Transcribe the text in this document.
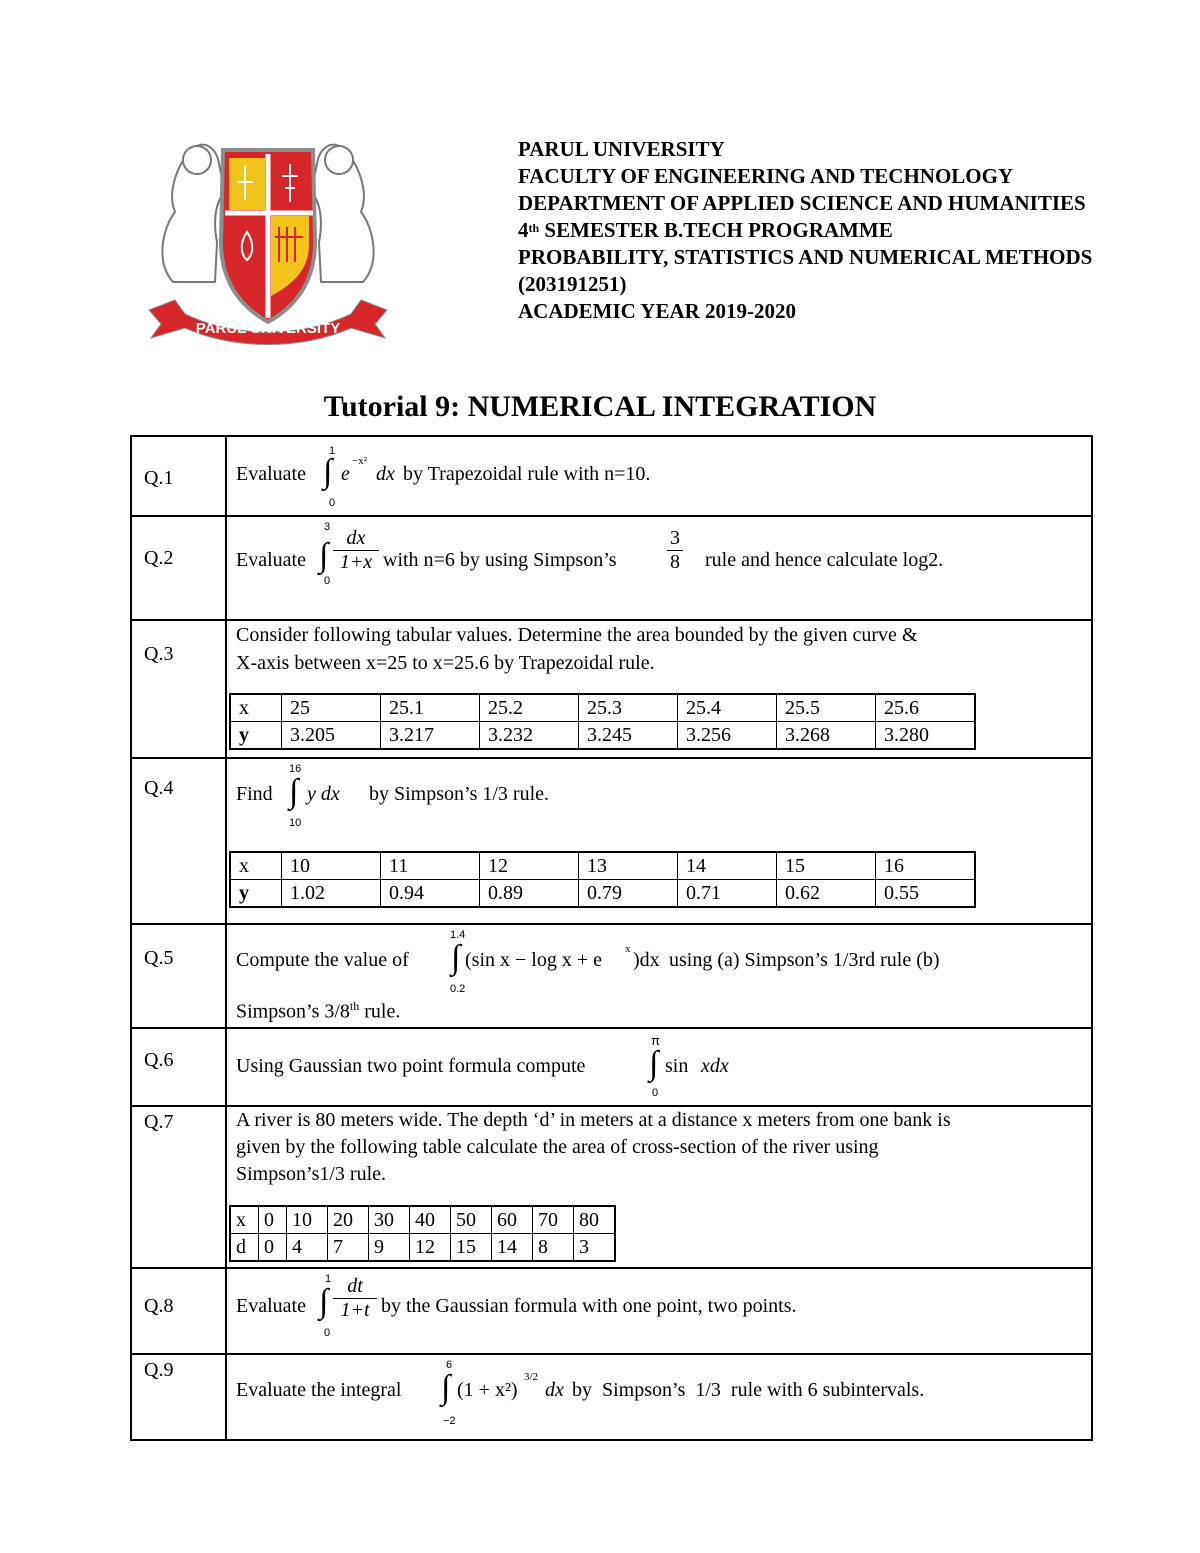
PARUL UNIVERSITY
PARUL UNIVERSITY
FACULTY OF ENGINEERING AND TECHNOLOGY
DEPARTMENT OF APPLIED SCIENCE AND HUMANITIES
4th SEMESTER B.TECH PROGRAMME
PROBABILITY, STATISTICS AND NUMERICAL METHODS
(203191251)
ACADEMIC YEAR 2019-2020
Tutorial 9: NUMERICAL INTEGRATION
Q.1	Evaluate
1
∫
0
e
−x²
dx by Trapezoidal rule with n=10.

Q.2	Evaluate
3
∫
0
$\frac{dx}{1+x}$ with n=6 by using Simpson’s	$\frac{3}{8}$ rule and hence calculate log2.

Q.3

Consider following tabular values. Determine the area bounded by the given curve &
X-axis between x=25 to x=25.6 by Trapezoidal rule.
x	25	25.1	25.2	25.3	25.4	25.5	25.6
y	3.205	3.217	3.232	3.245	3.256	3.268	3.280

Q.4	Find
16
∫
10
y dx by Simpson’s 1/3 rule.
x	10	11	12	13	14	15	16
y	1.02	0.94	0.89	0.79	0.71	0.62	0.55

Q.5	Compute the value of
1.4
∫
0.2
(sin x − log x + e x )dx using (a) Simpson’s 1/3rd rule (b)
Simpson’s 3/8th rule.

Q.6	Using Gaussian two point formula compute
π
∫
0
sin xdx

Q.7	A river is 80 meters wide. The depth ‘d’ in meters at a distance x meters from one bank is
given by the following table calculate the area of cross-section of the river using
Simpson’s1/3 rule.
x	0	10	20	30	40	50	60	70	80
d	0	4	7	9	12	15	14	8	3

Q.8	Evaluate
1
∫
0
$\frac{dt}{1+t}$ by the Gaussian formula with one point, two points.

Q.9

Evaluate the integral
6
∫
−2
(1 + x²)
3/2
dx by  Simpson’s  1/3  rule with 6 subintervals.
